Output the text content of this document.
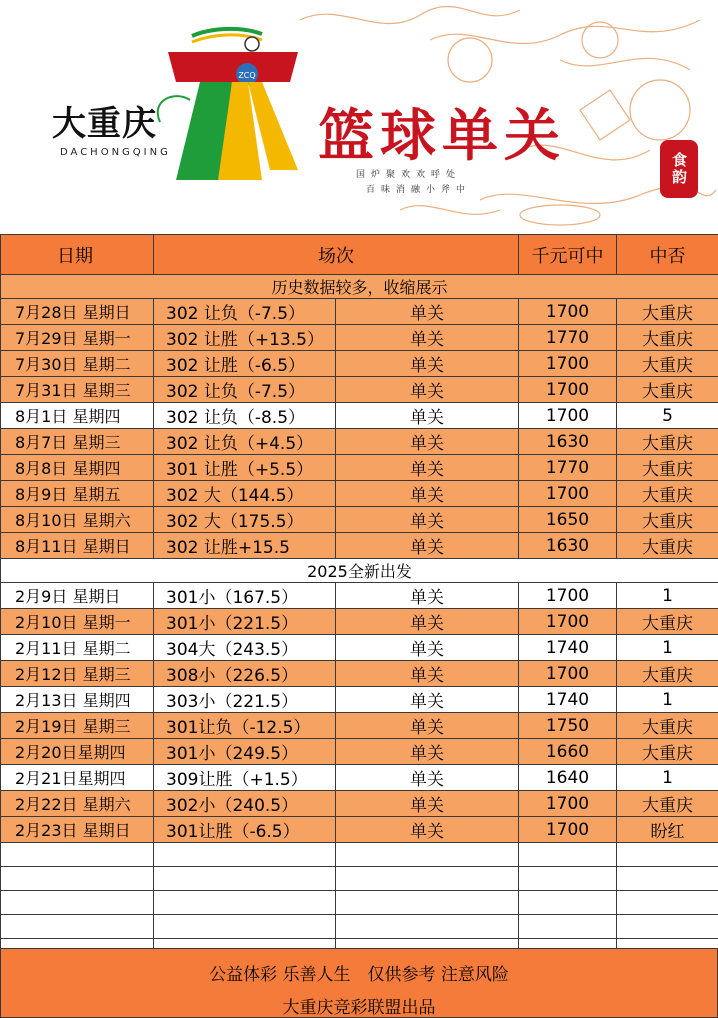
ZCQ
大重庆
DACHONGQING	篮球单关
国炉聚欢欢呼处
百味消融小斧中
食韵
日期	场次		千元可中	中否
历史数据较多，收缩展示				
7月28日 星期日	302 让负（-7.5）	单关	1700	大重庆
7月29日 星期一	302 让胜（+13.5）	单关	1770	大重庆
7月30日 星期二	302 让胜（-6.5）	单关	1700	大重庆
7月31日 星期三	302 让负（-7.5）	单关	1700	大重庆
8月1日 星期四	302 让负（-8.5）	单关	1700	5
8月7日 星期三	302 让负（+4.5）	单关	1630	大重庆
8月8日 星期四	301 让胜（+5.5）	单关	1770	大重庆
8月9日 星期五	302 大（144.5）	单关	1700	大重庆
8月10日 星期六	302 大（175.5）	单关	1650	大重庆
8月11日 星期日	302 让胜+15.5	单关	1630	大重庆
2025全新出发				
2月9日 星期日	301小（167.5）	单关	1700	1
2月10日 星期一	301小（221.5）	单关	1700	大重庆
2月11日 星期二	304大（243.5）	单关	1740	1
2月12日 星期三	308小（226.5）	单关	1700	大重庆
2月13日 星期四	303小（221.5）	单关	1740	1
2月19日 星期三	301让负（-12.5）	单关	1750	大重庆
2月20日星期四	301小（249.5）	单关	1660	大重庆
2月21日星期四	309让胜（+1.5）	单关	1640	1
2月22日 星期六	302小（240.5）	单关	1700	大重庆
2月23日 星期日	301让胜（-6.5）	单关	1700	盼红

公益体彩 乐善人生　仅供参考 注意风险
大重庆竞彩联盟出品
